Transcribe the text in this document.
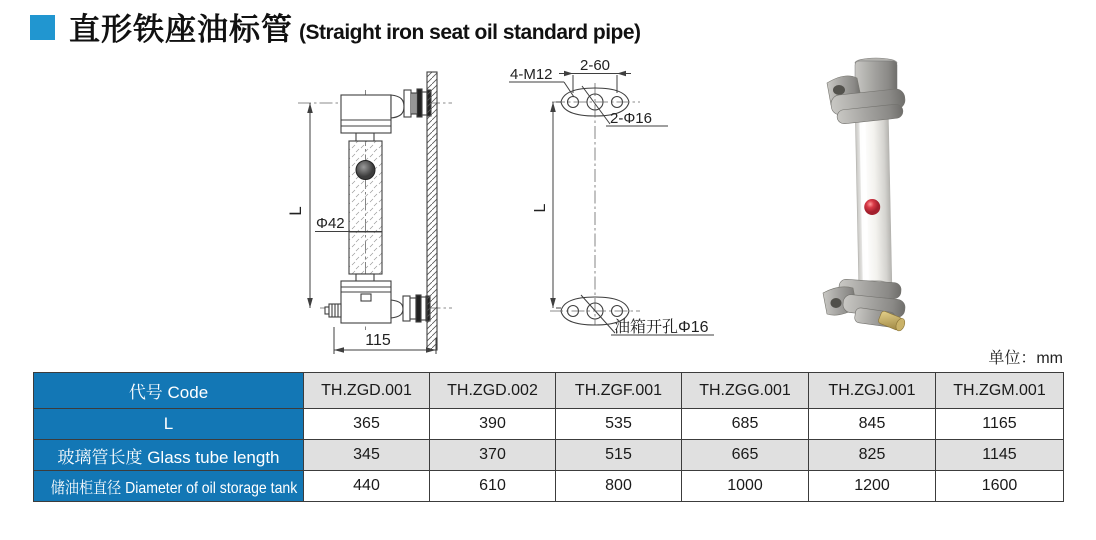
直形铁座油标管 (Straight iron seat oil standard pipe)
L
Φ42
115
2-60
4-M12
2-Φ16
L
油箱开孔Φ16
单位：mm
代号 Code	TH.ZGD.001	TH.ZGD.002	TH.ZGF.001	TH.ZGG.001	TH.ZGJ.001	TH.ZGM.001
L	365	390	535	685	845	1165
玻璃管长度 Glass tube length	345	370	515	665	825	1145
储油柜直径 Diameter of oil storage tank	440	610	800	1000	1200	1600
